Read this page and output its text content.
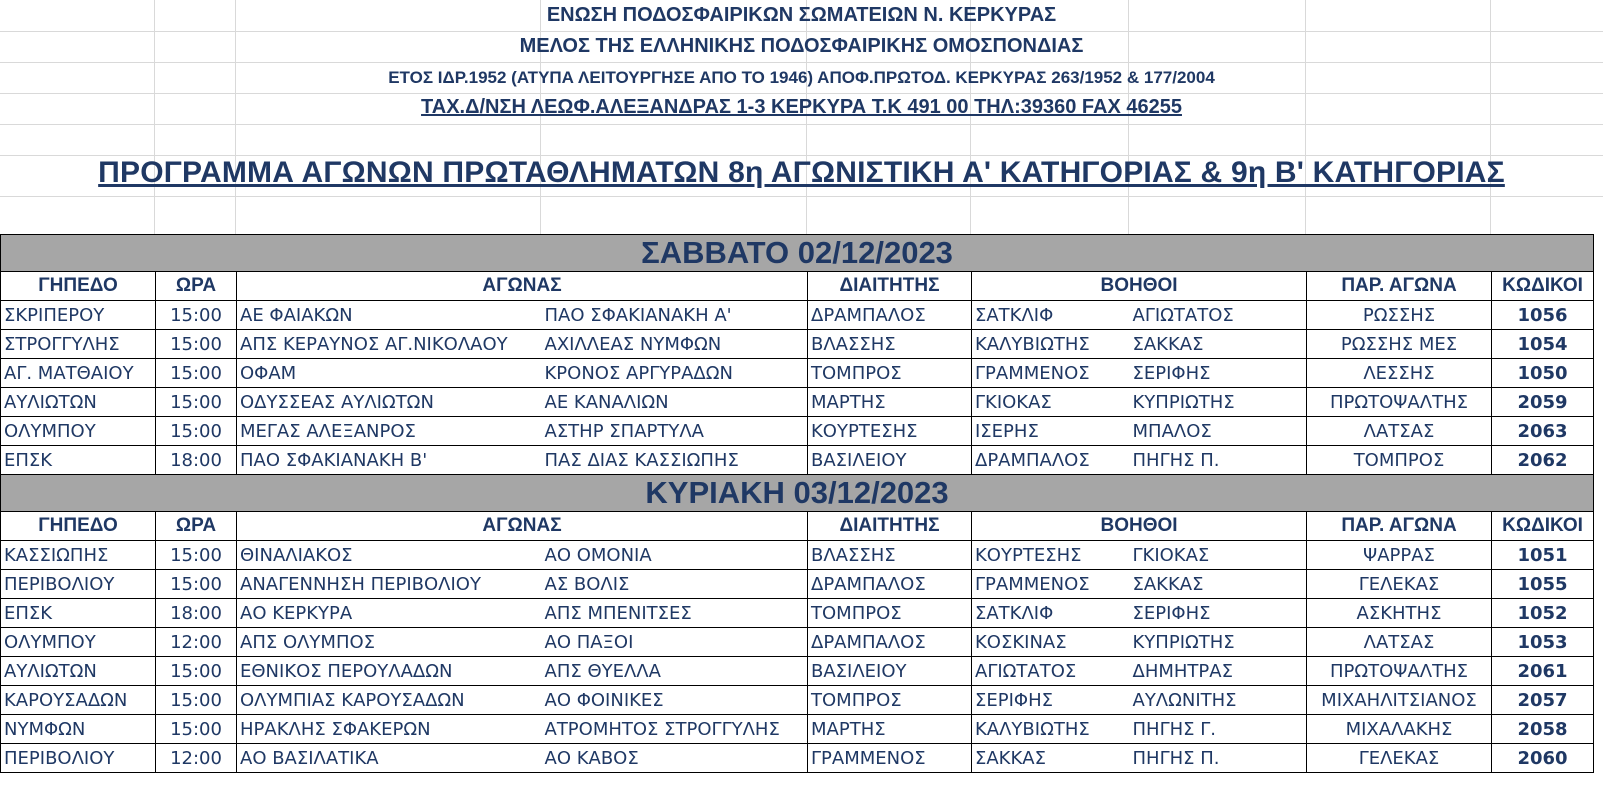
ΕΝΩΣΗ ΠΟΔΟΣΦΑΙΡΙΚΩΝ ΣΩΜΑΤΕΙΩΝ Ν. ΚΕΡΚΥΡΑΣ
ΜΕΛΟΣ ΤΗΣ ΕΛΛΗΝΙΚΗΣ ΠΟΔΟΣΦΑΙΡΙΚΗΣ ΟΜΟΣΠΟΝΔΙΑΣ
ΕΤΟΣ ΙΔΡ.1952 (ΑΤΥΠΑ ΛΕΙΤΟΥΡΓΗΣΕ ΑΠΟ ΤΟ 1946) ΑΠΟΦ.ΠΡΩΤΟΔ. ΚΕΡΚΥΡΑΣ 263/1952 & 177/2004
ΤΑΧ.Δ/ΝΣΗ ΛΕΩΦ.ΑΛΕΞΑΝΔΡΑΣ 1-3 ΚΕΡΚΥΡΑ Τ.Κ 491 00 ΤΗΛ:39360 FAX 46255
ΠΡΟΓΡΑΜΜΑ ΑΓΩΝΩΝ ΠΡΩΤΑΘΛΗΜΑΤΩΝ 8η ΑΓΩΝΙΣΤΙΚΗ Α' ΚΑΤΗΓΟΡΙΑΣ & 9η Β' ΚΑΤΗΓΟΡΙΑΣ
ΣΑΒΒΑΤΟ 02/12/2023								
ΓΗΠΕΔΟ	ΩΡΑ	ΑΓΩΝΑΣ		ΔΙΑΙΤΗΤΗΣ	ΒΟΗΘΟΙ		ΠΑΡ. ΑΓΩΝΑ	ΚΩΔΙΚΟΙ
ΣΚΡΙΠΕΡΟΥ	15:00	ΑΕ ΦΑΙΑΚΩΝ	ΠΑΟ ΣΦΑΚΙΑΝΑΚΗ Α'	ΔΡΑΜΠΑΛΟΣ	ΣΑΤΚΛΙΦ	ΑΓΙΩΤΑΤΟΣ	ΡΩΣΣΗΣ	1056
ΣΤΡΟΓΓΥΛΗΣ	15:00	ΑΠΣ ΚΕΡΑΥΝΟΣ ΑΓ.ΝΙΚΟΛΑΟΥ	ΑΧΙΛΛΕΑΣ ΝΥΜΦΩΝ	ΒΛΑΣΣΗΣ	ΚΑΛΥΒΙΩΤΗΣ	ΣΑΚΚΑΣ	ΡΩΣΣΗΣ ΜΕΣ	1054
ΑΓ. ΜΑΤΘΑΙΟΥ	15:00	ΟΦΑΜ	ΚΡΟΝΟΣ ΑΡΓΥΡΑΔΩΝ	ΤΟΜΠΡΟΣ	ΓΡΑΜΜΕΝΟΣ	ΣΕΡΙΦΗΣ	ΛΕΣΣΗΣ	1050
ΑΥΛΙΩΤΩΝ	15:00	ΟΔΥΣΣΕΑΣ ΑΥΛΙΩΤΩΝ	ΑΕ ΚΑΝΑΛΙΩΝ	ΜΑΡΤΗΣ	ΓΚΙΟΚΑΣ	ΚΥΠΡΙΩΤΗΣ	ΠΡΩΤΟΨΑΛΤΗΣ	2059
ΟΛΥΜΠΟΥ	15:00	ΜΕΓΑΣ ΑΛΕΞΑΝΡΟΣ	ΑΣΤΗΡ ΣΠΑΡΤΥΛΑ	ΚΟΥΡΤΕΣΗΣ	ΙΣΕΡΗΣ	ΜΠΑΛΟΣ	ΛΑΤΣΑΣ	2063
ΕΠΣΚ	18:00	ΠΑΟ ΣΦΑΚΙΑΝΑΚΗ Β'	ΠΑΣ ΔΙΑΣ ΚΑΣΣΙΩΠΗΣ	ΒΑΣΙΛΕΙΟΥ	ΔΡΑΜΠΑΛΟΣ	ΠΗΓΗΣ Π.	ΤΟΜΠΡΟΣ	2062
ΚΥΡΙΑΚΗ 03/12/2023								
ΓΗΠΕΔΟ	ΩΡΑ	ΑΓΩΝΑΣ		ΔΙΑΙΤΗΤΗΣ	ΒΟΗΘΟΙ		ΠΑΡ. ΑΓΩΝΑ	ΚΩΔΙΚΟΙ
ΚΑΣΣΙΩΠΗΣ	15:00	ΘΙΝΑΛΙΑΚΟΣ	ΑΟ ΟΜΟΝΙΑ	ΒΛΑΣΣΗΣ	ΚΟΥΡΤΕΣΗΣ	ΓΚΙΟΚΑΣ	ΨΑΡΡΑΣ	1051
ΠΕΡΙΒΟΛΙΟΥ	15:00	ΑΝΑΓΕΝΝΗΣΗ ΠΕΡΙΒΟΛΙΟΥ	ΑΣ ΒΟΛΙΣ	ΔΡΑΜΠΑΛΟΣ	ΓΡΑΜΜΕΝΟΣ	ΣΑΚΚΑΣ	ΓΕΛΕΚΑΣ	1055
ΕΠΣΚ	18:00	ΑΟ ΚΕΡΚΥΡΑ	ΑΠΣ ΜΠΕΝΙΤΣΕΣ	ΤΟΜΠΡΟΣ	ΣΑΤΚΛΙΦ	ΣΕΡΙΦΗΣ	ΑΣΚΗΤΗΣ	1052
ΟΛΥΜΠΟΥ	12:00	ΑΠΣ ΟΛΥΜΠΟΣ	ΑΟ ΠΑΞΟΙ	ΔΡΑΜΠΑΛΟΣ	ΚΟΣΚΙΝΑΣ	ΚΥΠΡΙΩΤΗΣ	ΛΑΤΣΑΣ	1053
ΑΥΛΙΩΤΩΝ	15:00	ΕΘΝΙΚΟΣ ΠΕΡΟΥΛΑΔΩΝ	ΑΠΣ ΘΥΕΛΛΑ	ΒΑΣΙΛΕΙΟΥ	ΑΓΙΩΤΑΤΟΣ	ΔΗΜΗΤΡΑΣ	ΠΡΩΤΟΨΑΛΤΗΣ	2061
ΚΑΡΟΥΣΑΔΩΝ	15:00	ΟΛΥΜΠΙΑΣ ΚΑΡΟΥΣΑΔΩΝ	ΑΟ ΦΟΙΝΙΚΕΣ	ΤΟΜΠΡΟΣ	ΣΕΡΙΦΗΣ	ΑΥΛΩΝΙΤΗΣ	ΜΙΧΑΗΛΙΤΣΙΑΝΟΣ	2057
ΝΥΜΦΩΝ	15:00	ΗΡΑΚΛΗΣ ΣΦΑΚΕΡΩΝ	ΑΤΡΟΜΗΤΟΣ ΣΤΡΟΓΓΥΛΗΣ	ΜΑΡΤΗΣ	ΚΑΛΥΒΙΩΤΗΣ	ΠΗΓΗΣ Γ.	ΜΙΧΑΛΑΚΗΣ	2058
ΠΕΡΙΒΟΛΙΟΥ	12:00	ΑΟ ΒΑΣΙΛΑΤΙΚΑ	ΑΟ ΚΑΒΟΣ	ΓΡΑΜΜΕΝΟΣ	ΣΑΚΚΑΣ	ΠΗΓΗΣ Π.	ΓΕΛΕΚΑΣ	2060
